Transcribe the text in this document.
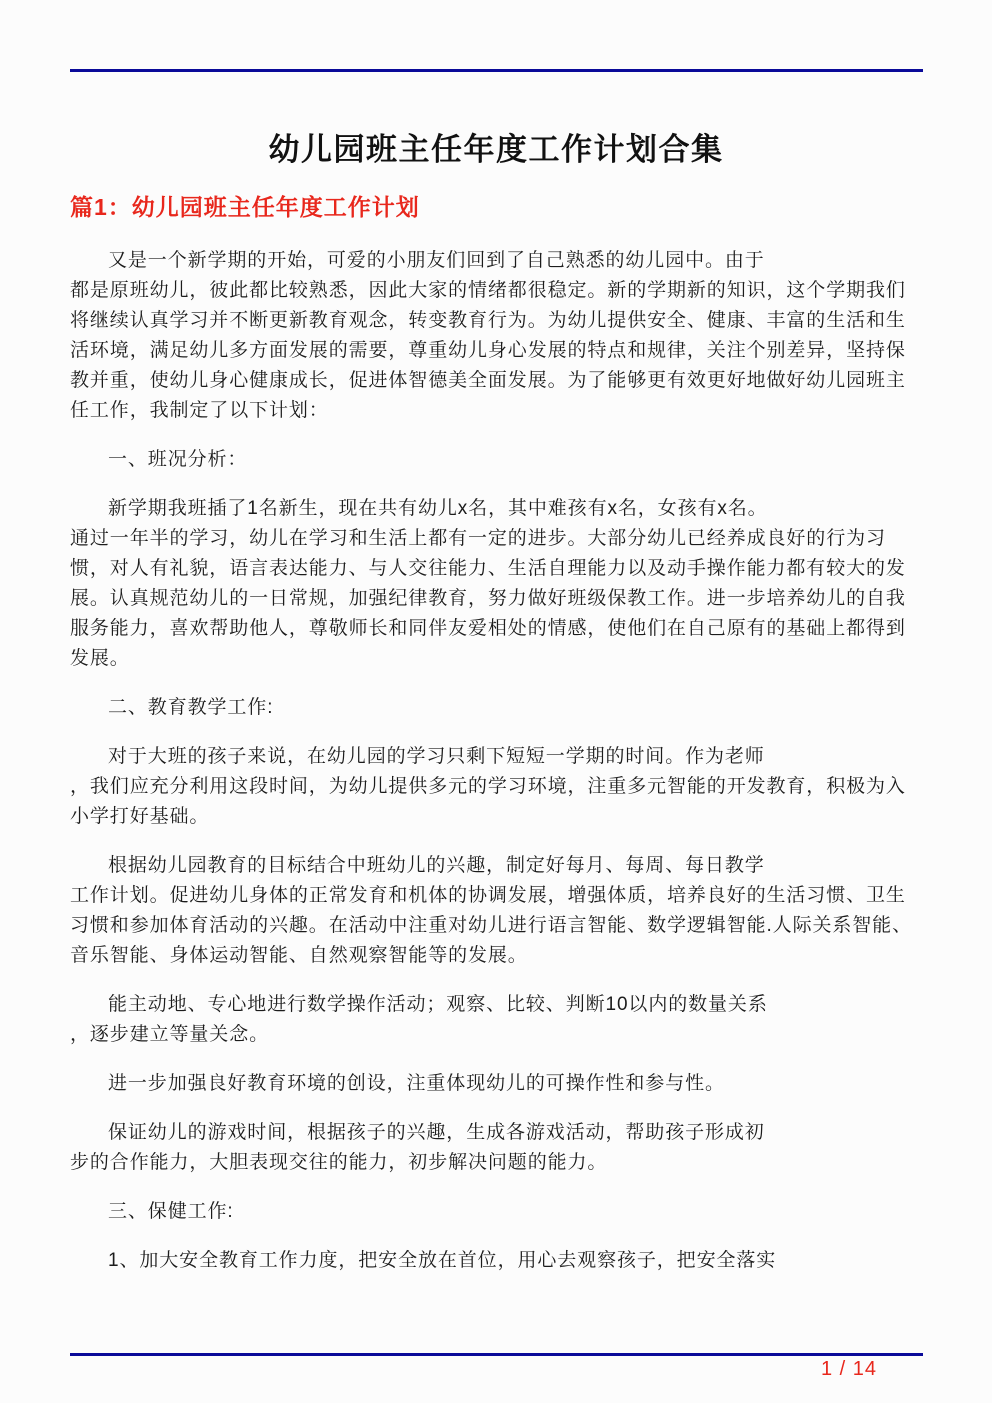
幼儿园班主任年度工作计划合集
篇1：幼儿园班主任年度工作计划

又是一个新学期的开始，可爱的小朋友们回到了自己熟悉的幼儿园中。由于
都是原班幼儿，彼此都比较熟悉，因此大家的情绪都很稳定。新的学期新的知识，这个学期我们将继续认真学习并不断更新教育观念，转变教育行为。为幼儿提供安全、健康、丰富的生活和生活环境，满足幼儿多方面发展的需要，尊重幼儿身心发展的特点和规律，关注个别差异，坚持保教并重，使幼儿身心健康成长，促进体智德美全面发展。为了能够更有效更好地做好幼儿园班主任工作，我制定了以下计划：

一、班况分析：

新学期我班插了1名新生，现在共有幼儿x名，其中难孩有x名，女孩有x名。
通过一年半的学习，幼儿在学习和生活上都有一定的进步。大部分幼儿已经养成良好的行为习惯，对人有礼貌，语言表达能力、与人交往能力、生活自理能力以及动手操作能力都有较大的发展。认真规范幼儿的一日常规，加强纪律教育，努力做好班级保教工作。进一步培养幼儿的自我服务能力，喜欢帮助他人，尊敬师长和同伴友爱相处的情感，使他们在自己原有的基础上都得到发展。

二、教育教学工作:

对于大班的孩子来说，在幼儿园的学习只剩下短短一学期的时间。作为老师
，我们应充分利用这段时间，为幼儿提供多元的学习环境，注重多元智能的开发教育，积极为入小学打好基础。

根据幼儿园教育的目标结合中班幼儿的兴趣，制定好每月、每周、每日教学
工作计划。促进幼儿身体的正常发育和机体的协调发展，增强体质，培养良好的生活习惯、卫生习惯和参加体育活动的兴趣。在活动中注重对幼儿进行语言智能、数学逻辑智能.人际关系智能、音乐智能、身体运动智能、自然观察智能等的发展。

能主动地、专心地进行数学操作活动；观察、比较、判断10以内的数量关系
，逐步建立等量关念。

进一步加强良好教育环境的创设，注重体现幼儿的可操作性和参与性。

保证幼儿的游戏时间，根据孩子的兴趣，生成各游戏活动，帮助孩子形成初
步的合作能力，大胆表现交往的能力，初步解决问题的能力。

三、保健工作:

1、加大安全教育工作力度，把安全放在首位，用心去观察孩子，把安全落实

1 / 14
